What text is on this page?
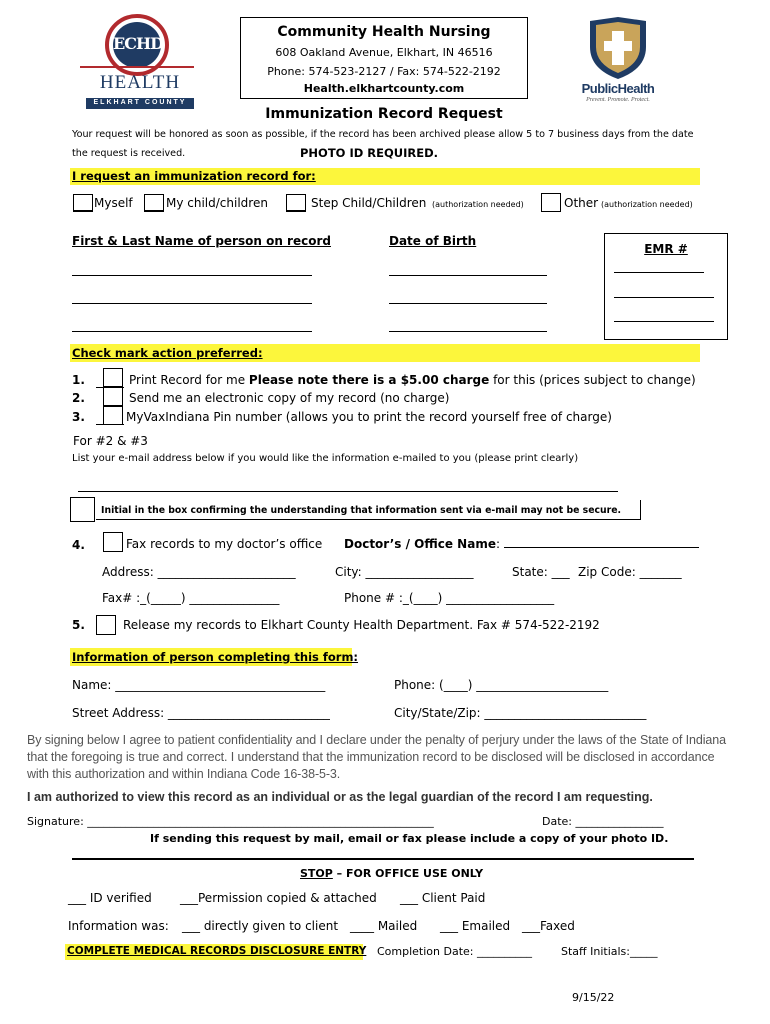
ECHD
HEALTH
ELKHART COUNTY
Community Health Nursing
608 Oakland Avenue, Elkhart, IN 46516
Phone: 574-523-2127 / Fax: 574-522-2192
Health.elkhartcounty.com
Immunization Record Request
PublicHealth
Prevent. Promote. Protect.
Your request will be honored as soon as possible, if the record has been archived please allow 5 to 7 business days from the date
the request is received.	PHOTO ID REQUIRED.
I request an immunization record for:
Myself	My child/children	Step Child/Children (authorization needed)	Other (authorization needed)
First & Last Name of person on record	Date of Birth
EMR #
Check mark action preferred:
1.	Print Record for me Please note there is a $5.00 charge for this (prices subject to change)
2.	Send me an electronic copy of my record (no charge)
3.	MyVaxIndiana Pin number (allows you to print the record yourself free of charge)
For #2 & #3
List your e-mail address below if you would like the information e-mailed to you (please print clearly)
Initial in the box confirming the understanding that information sent via e-mail may not be secure.
4.	Fax records to my doctor’s office Doctor’s / Office Name:
Address: _______________________	City: __________________	State: ___ Zip Code: _______
Fax# :_(_____) _______________	Phone # :_(____) __________________
5.	Release my records to Elkhart County Health Department. Fax # 574-522-2192
Information of person completing this form:
Name: ___________________________________	Phone: (____) ______________________
Street Address: ___________________________	City/State/Zip: ___________________________
By signing below I agree to patient confidentiality and I declare under the penalty of perjury under the laws of the State of Indiana that the foregoing is true and correct. I understand that the immunization record to be disclosed will be disclosed in accordance with this authorization and within Indiana Code 16-38-5-3.
I am authorized to view this record as an individual or as the legal guardian of the record I am requesting.
Signature: _______________________________________________________________	Date: ________________
If sending this request by mail, email or fax please include a copy of your photo ID.
STOP – FOR OFFICE USE ONLY
___ ID verified ___Permission copied & attached ___ Client Paid
Information was: ___ directly given to client ____ Mailed ___ Emailed ___Faxed
COMPLETE MEDICAL RECORDS DISCLOSURE ENTRY Completion Date: __________	Staff Initials:_____
9/15/22
